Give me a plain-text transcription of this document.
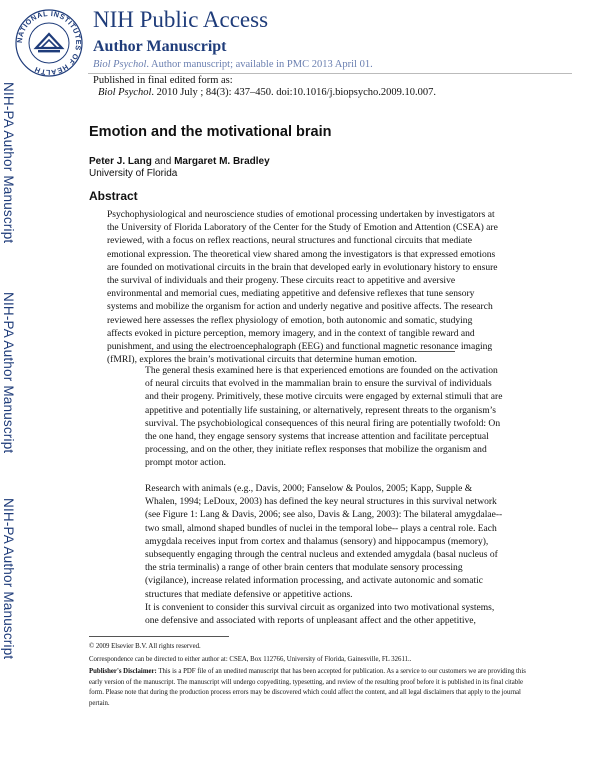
NATIONAL INSTITUTES OF HEALTH
NIH Public Access
Author Manuscript
Biol Psychol. Author manuscript; available in PMC 2013 April 01.
Published in final edited form as:
Biol Psychol. 2010 July ; 84(3): 437–450. doi:10.1016/j.biopsycho.2009.10.007.
NIH-PA Author Manuscript
NIH-PA Author Manuscript
NIH-PA Author Manuscript
Emotion and the motivational brain
Peter J. Lang and Margaret M. Bradley
University of Florida
Abstract

Psychophysiological and neuroscience studies of emotional processing undertaken by investigators at the University of Florida Laboratory of the Center for the Study of Emotion and Attention (CSEA) are reviewed, with a focus on reflex reactions, neural structures and functional circuits that mediate emotional expression. The theoretical view shared among the investigators is that expressed emotions are founded on motivational circuits in the brain that developed early in evolutionary history to ensure the survival of individuals and their progeny. These circuits react to appetitive and aversive environmental and memorial cues, mediating appetitive and defensive reflexes that tune sensory systems and mobilize the organism for action and underly negative and positive affects. The research reviewed here assesses the reflex physiology of emotion, both autonomic and somatic, studying affects evoked in picture perception, memory imagery, and in the context of tangible reward and punishment, and using the electroencephalograph (EEG) and functional magnetic resonance imaging (fMRI), explores the brain’s motivational circuits that determine human emotion.

The general thesis examined here is that experienced emotions are founded on the activation of neural circuits that evolved in the mammalian brain to ensure the survival of individuals and their progeny. Primitively, these motive circuits were engaged by external stimuli that are appetitive and potentially life sustaining, or alternatively, represent threats to the organism’s survival. The psychobiological consequences of this neural firing are potentially twofold: On the one hand, they engage sensory systems that increase attention and facilitate perceptual processing, and on the other, they initiate reflex responses that mobilize the organism and prompt motor action.

Research with animals (e.g., Davis, 2000; Fanselow & Poulos, 2005; Kapp, Supple & Whalen, 1994; LeDoux, 2003) has defined the key neural structures in this survival network (see Figure 1: Lang & Davis, 2006; see also, Davis & Lang, 2003): The bilateral amygdalae-- two small, almond shaped bundles of nuclei in the temporal lobe-- plays a central role. Each amygdala receives input from cortex and thalamus (sensory) and hippocampus (memory), subsequently engaging through the central nucleus and extended amygdala (basal nucleus of the stria terminalis) a range of other brain centers that modulate sensory processing (vigilance), increase related information processing, and activate autonomic and somatic structures that mediate defensive or appetitive actions.

It is convenient to consider this survival circuit as organized into two motivational systems, one defensive and associated with reports of unpleasant affect and the other appetitive,

© 2009 Elsevier B.V. All rights reserved.

Correspondence can be directed to either author at: CSEA, Box 112766, University of Florida, Gainesville, FL 32611..

Publisher's Disclaimer: This is a PDF file of an unedited manuscript that has been accepted for publication. As a service to our customers we are providing this early version of the manuscript. The manuscript will undergo copyediting, typesetting, and review of the resulting proof before it is published in its final citable form. Please note that during the production process errors may be discovered which could affect the content, and all legal disclaimers that apply to the journal pertain.
